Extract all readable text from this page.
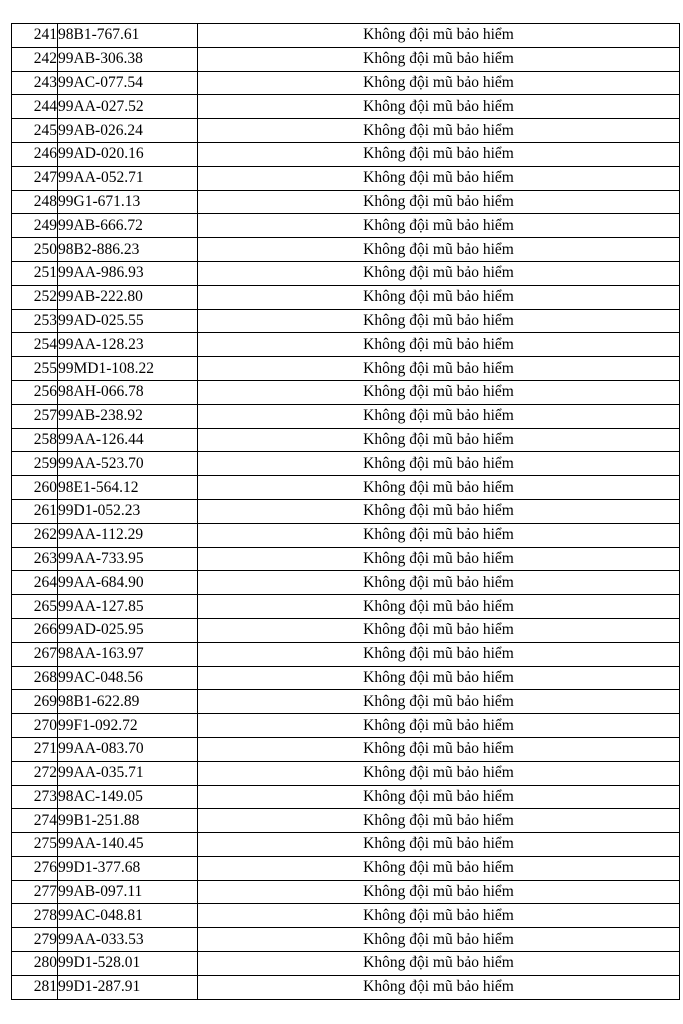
241	98B1-767.61	Không đội mũ bảo hiểm
242	99AB-306.38	Không đội mũ bảo hiểm
243	99AC-077.54	Không đội mũ bảo hiểm
244	99AA-027.52	Không đội mũ bảo hiểm
245	99AB-026.24	Không đội mũ bảo hiểm
246	99AD-020.16	Không đội mũ bảo hiểm
247	99AA-052.71	Không đội mũ bảo hiểm
248	99G1-671.13	Không đội mũ bảo hiểm
249	99AB-666.72	Không đội mũ bảo hiểm
250	98B2-886.23	Không đội mũ bảo hiểm
251	99AA-986.93	Không đội mũ bảo hiểm
252	99AB-222.80	Không đội mũ bảo hiểm
253	99AD-025.55	Không đội mũ bảo hiểm
254	99AA-128.23	Không đội mũ bảo hiểm
255	99MD1-108.22	Không đội mũ bảo hiểm
256	98AH-066.78	Không đội mũ bảo hiểm
257	99AB-238.92	Không đội mũ bảo hiểm
258	99AA-126.44	Không đội mũ bảo hiểm
259	99AA-523.70	Không đội mũ bảo hiểm
260	98E1-564.12	Không đội mũ bảo hiểm
261	99D1-052.23	Không đội mũ bảo hiểm
262	99AA-112.29	Không đội mũ bảo hiểm
263	99AA-733.95	Không đội mũ bảo hiểm
264	99AA-684.90	Không đội mũ bảo hiểm
265	99AA-127.85	Không đội mũ bảo hiểm
266	99AD-025.95	Không đội mũ bảo hiểm
267	98AA-163.97	Không đội mũ bảo hiểm
268	99AC-048.56	Không đội mũ bảo hiểm
269	98B1-622.89	Không đội mũ bảo hiểm
270	99F1-092.72	Không đội mũ bảo hiểm
271	99AA-083.70	Không đội mũ bảo hiểm
272	99AA-035.71	Không đội mũ bảo hiểm
273	98AC-149.05	Không đội mũ bảo hiểm
274	99B1-251.88	Không đội mũ bảo hiểm
275	99AA-140.45	Không đội mũ bảo hiểm
276	99D1-377.68	Không đội mũ bảo hiểm
277	99AB-097.11	Không đội mũ bảo hiểm
278	99AC-048.81	Không đội mũ bảo hiểm
279	99AA-033.53	Không đội mũ bảo hiểm
280	99D1-528.01	Không đội mũ bảo hiểm
281	99D1-287.91	Không đội mũ bảo hiểm
